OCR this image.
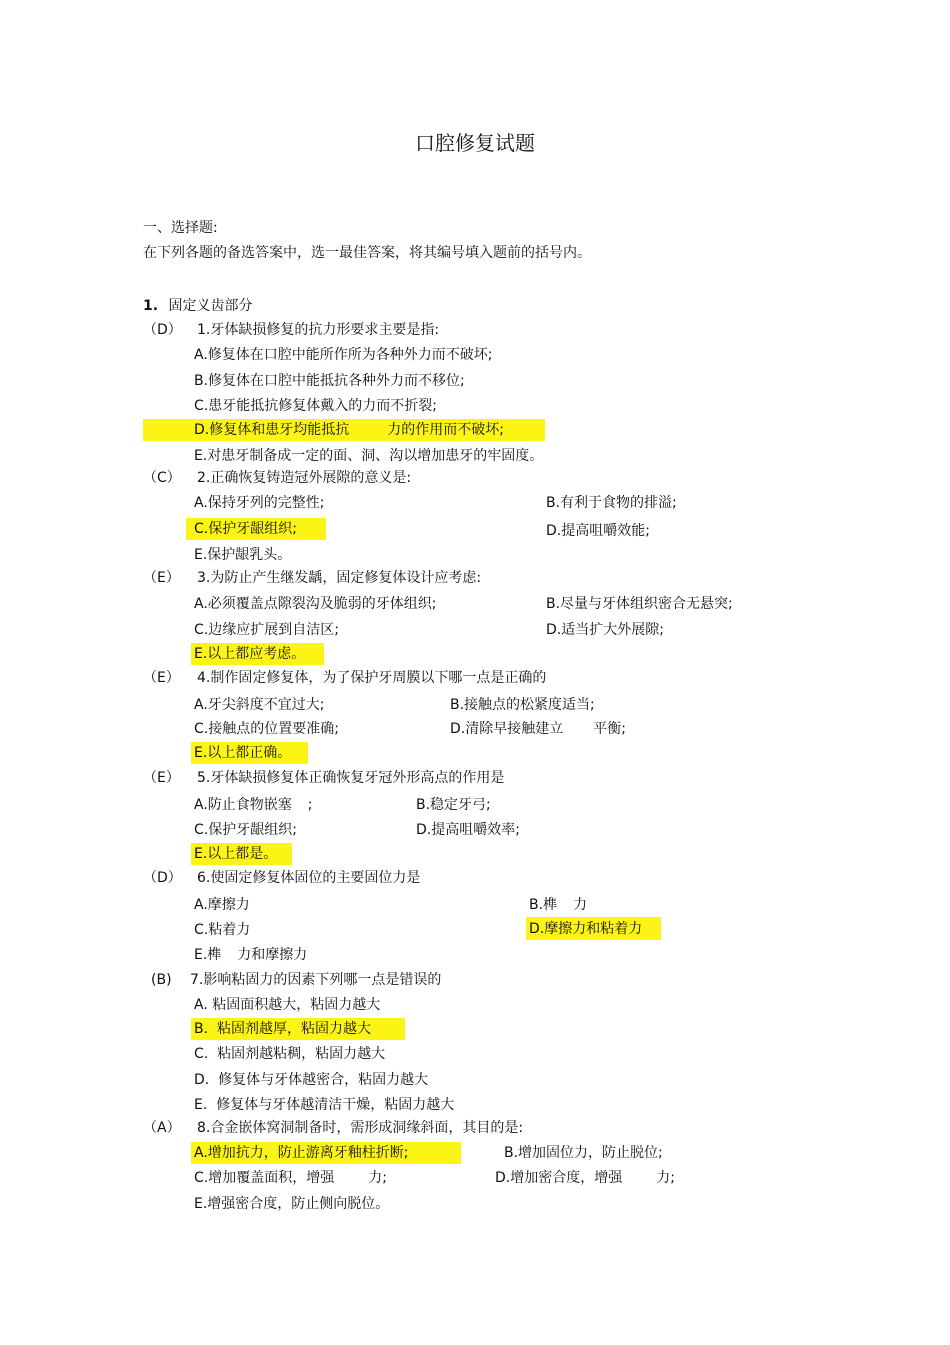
口腔修复试题
一、选择题:
在下列各题的备选答案中，选一最佳答案，将其编号填入题前的括号内。
1. 固定义齿部分
（D） 1.牙体缺损修复的抗力形要求主要是指:
A.修复体在口腔中能所作所为各种外力而不破坏;
B.修复体在口腔中能抵抗各种外力而不移位;
C.患牙能抵抗修复体戴入的力而不折裂;
D.修复体和患牙均能抵抗	力的作用而不破坏;
E.对患牙制备成一定的面、洞、沟以增加患牙的牢固度。
（C） 2.正确恢复铸造冠外展隙的意义是:
A.保持牙列的完整性;	B.有利于食物的排溢;
C.保护牙龈组织;	D.提高咀嚼效能;
E.保护龈乳头。
（E） 3.为防止产生继发龋，固定修复体设计应考虑:
A.必须覆盖点隙裂沟及脆弱的牙体组织;	B.尽量与牙体组织密合无悬突;
C.边缘应扩展到自洁区;	D.适当扩大外展隙;
E.以上都应考虑。
（E） 4.制作固定修复体，为了保护牙周膜以下哪一点是正确的
A.牙尖斜度不宜过大;	B.接触点的松紧度适当;
C.接触点的位置要准确;	D.清除早接触建立 平衡;
E.以上都正确。
（E） 5.牙体缺损修复体正确恢复牙冠外形高点的作用是
A.防止食物嵌塞 ;	B.稳定牙弓;
C.保护牙龈组织;	D.提高咀嚼效率;
E.以上都是。
（D） 6.使固定修复体固位的主要固位力是
A.摩擦力	B.榫 力
C.粘着力	D.摩擦力和粘着力
E.榫 力和摩擦力
(B) 7.影响粘固力的因素下列哪一点是错误的
A. 粘固面积越大，粘固力越大
B.  粘固剂越厚，粘固力越大
C.  粘固剂越粘稠，粘固力越大
D.  修复体与牙体越密合，粘固力越大
E.  修复体与牙体越清洁干燥，粘固力越大
（A） 8.合金嵌体窝洞制备时，需形成洞缘斜面，其目的是:
A.增加抗力，防止游离牙釉柱折断;	B.增加固位力，防止脱位;
C.增加覆盖面积，增强 力;	D.增加密合度，增强 力;
E.增强密合度，防止侧向脱位。
